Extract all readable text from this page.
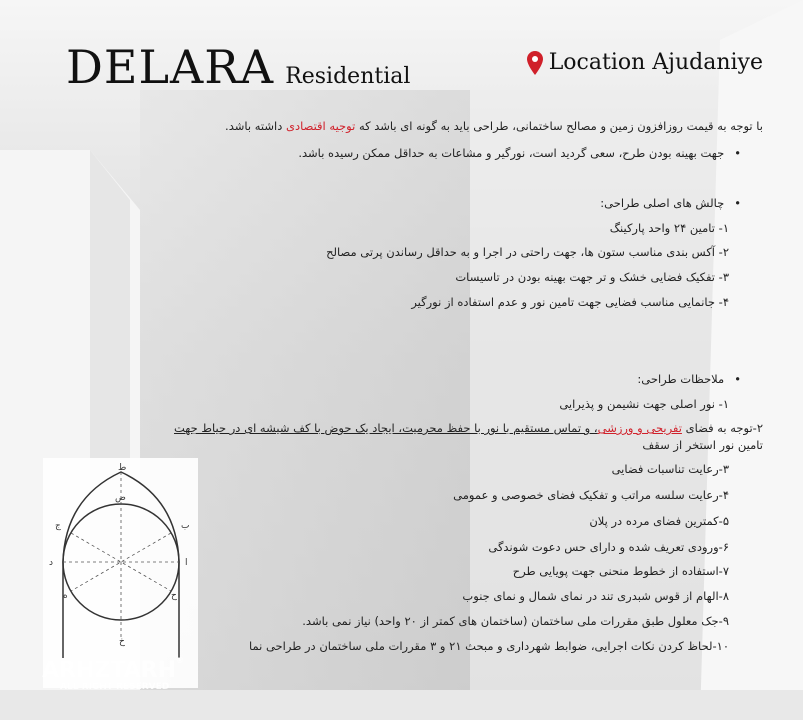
DELARA Residential
Location Ajudaniye
با توجه به قیمت روزافزون زمین و مصالح ساختمانی، طراحی باید به گونه ای باشد که توجیه اقتصادی داشته باشد.
• جهت بهینه بودن طرح، سعی گردید است، نورگیر و مشاعات به حداقل ممکن رسیده باشد.
• چالش های اصلی طراحی:
۱- تامین ۲۴ واحد پارکینگ
۲- آکس بندی مناسب ستون ها، جهت راحتی در اجرا و به حداقل رساندن پرتی مصالح
۳- تفکیک فضایی خشک و تر جهت بهینه بودن در تاسیسات
۴- جانمایی مناسب فضایی جهت تامین نور و عدم استفاده از نورگیر
• ملاحظات طراحی:
۱- نور اصلی جهت نشیمن و پذیرایی
۲-توجه به فضای تفریحی و ورزشی، و تماس مستقیم با نور با حفظ محرمیت، ایجاد یک حوض با کف شیشه ای در حیاط جهت
تامین نور استخر از سقف
۳-رعایت تناسبات فضایی
۴-رعایت سلسه مراتب و تفکیک فضای خصوصی و عمومی
۵-کمترین فضای مرده در پلان
۶-ورودی تعریف شده و دارای حس دعوت شوندگی
۷-استفاده از خطوط منحنی جهت پویایی طرح
۸-الهام از قوس شبدری تند در نمای شمال و نمای جنوب
۹-جک معلول طبق مقررات ملی ساختمان (ساختمان های کمتر از ۲۰ واحد) نیاز نمی باشد.
۱۰-لحاظ کردن نکات اجرایی، ضوابط شهرداری و مبحث ۲۱ و ۳ مقررات ملی ساختمان در طراحی نما
ط
ص
ج	ب
د	ا
ه	ح
خ
ARHZTARH
ALL RIGHT RESERVED
®
